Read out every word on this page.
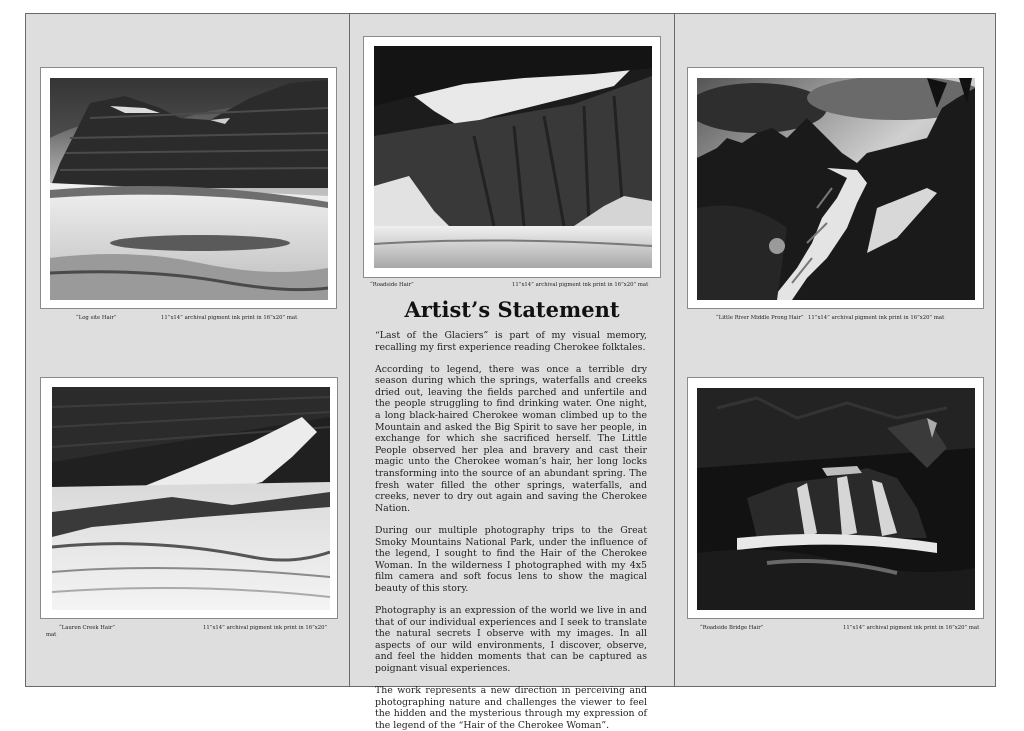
“Log site Hair”	11”x14” archival pigment ink print in 16”x20” mat
“Roadside Hair”	11”x14” archival pigment ink print in 16”x20” mat
“Little River Middle Prong Hair” 11”x14” archival pigment ink print in 16”x20” mat
“Lauren Creek Hair”	11”x14” archival pigment ink print in 16”x20”
mat
“Roadside Bridge Hair”	11”x14” archival pigment ink print in 16”x20” mat
Artist’s Statement

“Last of the Glaciers” is part of my visual memory, recalling my first experience reading Cherokee folktales.

According to legend, there was once a terrible dry season during which the springs, waterfalls and creeks dried out, leaving the fields parched and unfertile and the people struggling to find drinking water. One night, a long black-haired Cherokee woman climbed up to the Mountain and asked the Big Spirit to save her people, in exchange for which she sacrificed herself. The Little People observed her plea and bravery and cast their magic unto the Cherokee woman’s hair, her long locks transforming into the source of an abundant spring. The fresh water filled the other springs, waterfalls, and creeks, never to dry out again and saving the Cherokee Nation.

During our multiple photography trips to the Great Smoky Mountains National Park, under the influence of the legend, I sought to find the Hair of the Cherokee Woman. In the wilderness I photographed with my 4x5 film camera and soft focus lens to show the magical beauty of this story.

Photography is an expression of the world we live in and that of our individual experiences and I seek to translate the natural secrets I observe with my images. In all aspects of our wild environments, I discover, observe, and feel the hidden moments that can be captured as poignant visual experiences.

The work represents a new direction in perceiving and photographing nature and challenges the viewer to feel the hidden and the mysterious through my expression of the legend of the “Hair of the Cherokee Woman”.
